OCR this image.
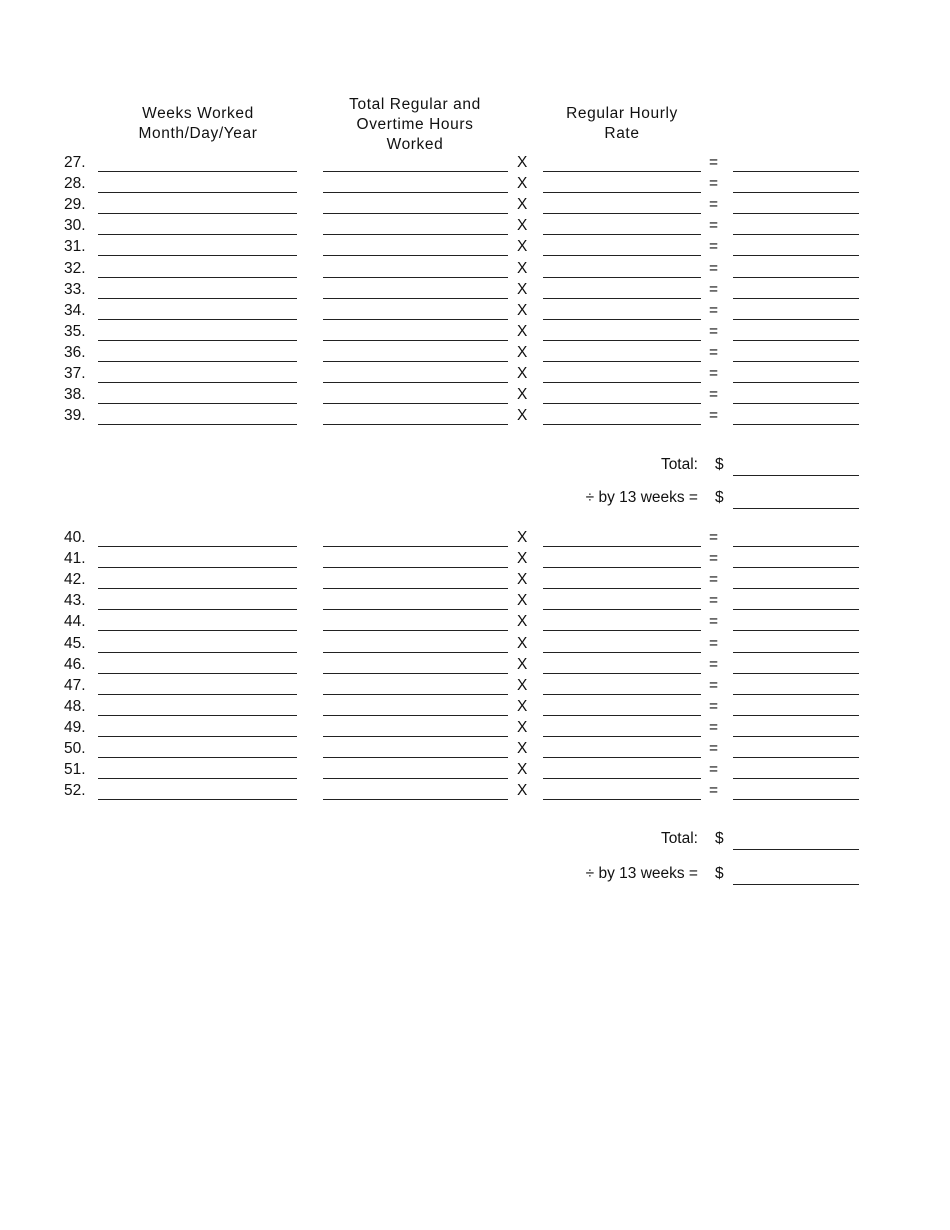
Weeks Worked
Month/Day/Year
Total Regular and
Overtime Hours
Worked
Regular Hourly
Rate
27.	X	=
28.	X	=
29.	X	=
30.	X	=
31.	X	=
32.	X	=
33.	X	=
34.	X	=
35.	X	=
36.	X	=
37.	X	=
38.	X	=
39.	X	=
Total: $
÷ by 13 weeks = $
40.	X	=
41.	X	=
42.	X	=
43.	X	=
44.	X	=
45.	X	=
46.	X	=
47.	X	=
48.	X	=
49.	X	=
50.	X	=
51.	X	=
52.	X	=
Total: $
÷ by 13 weeks = $
